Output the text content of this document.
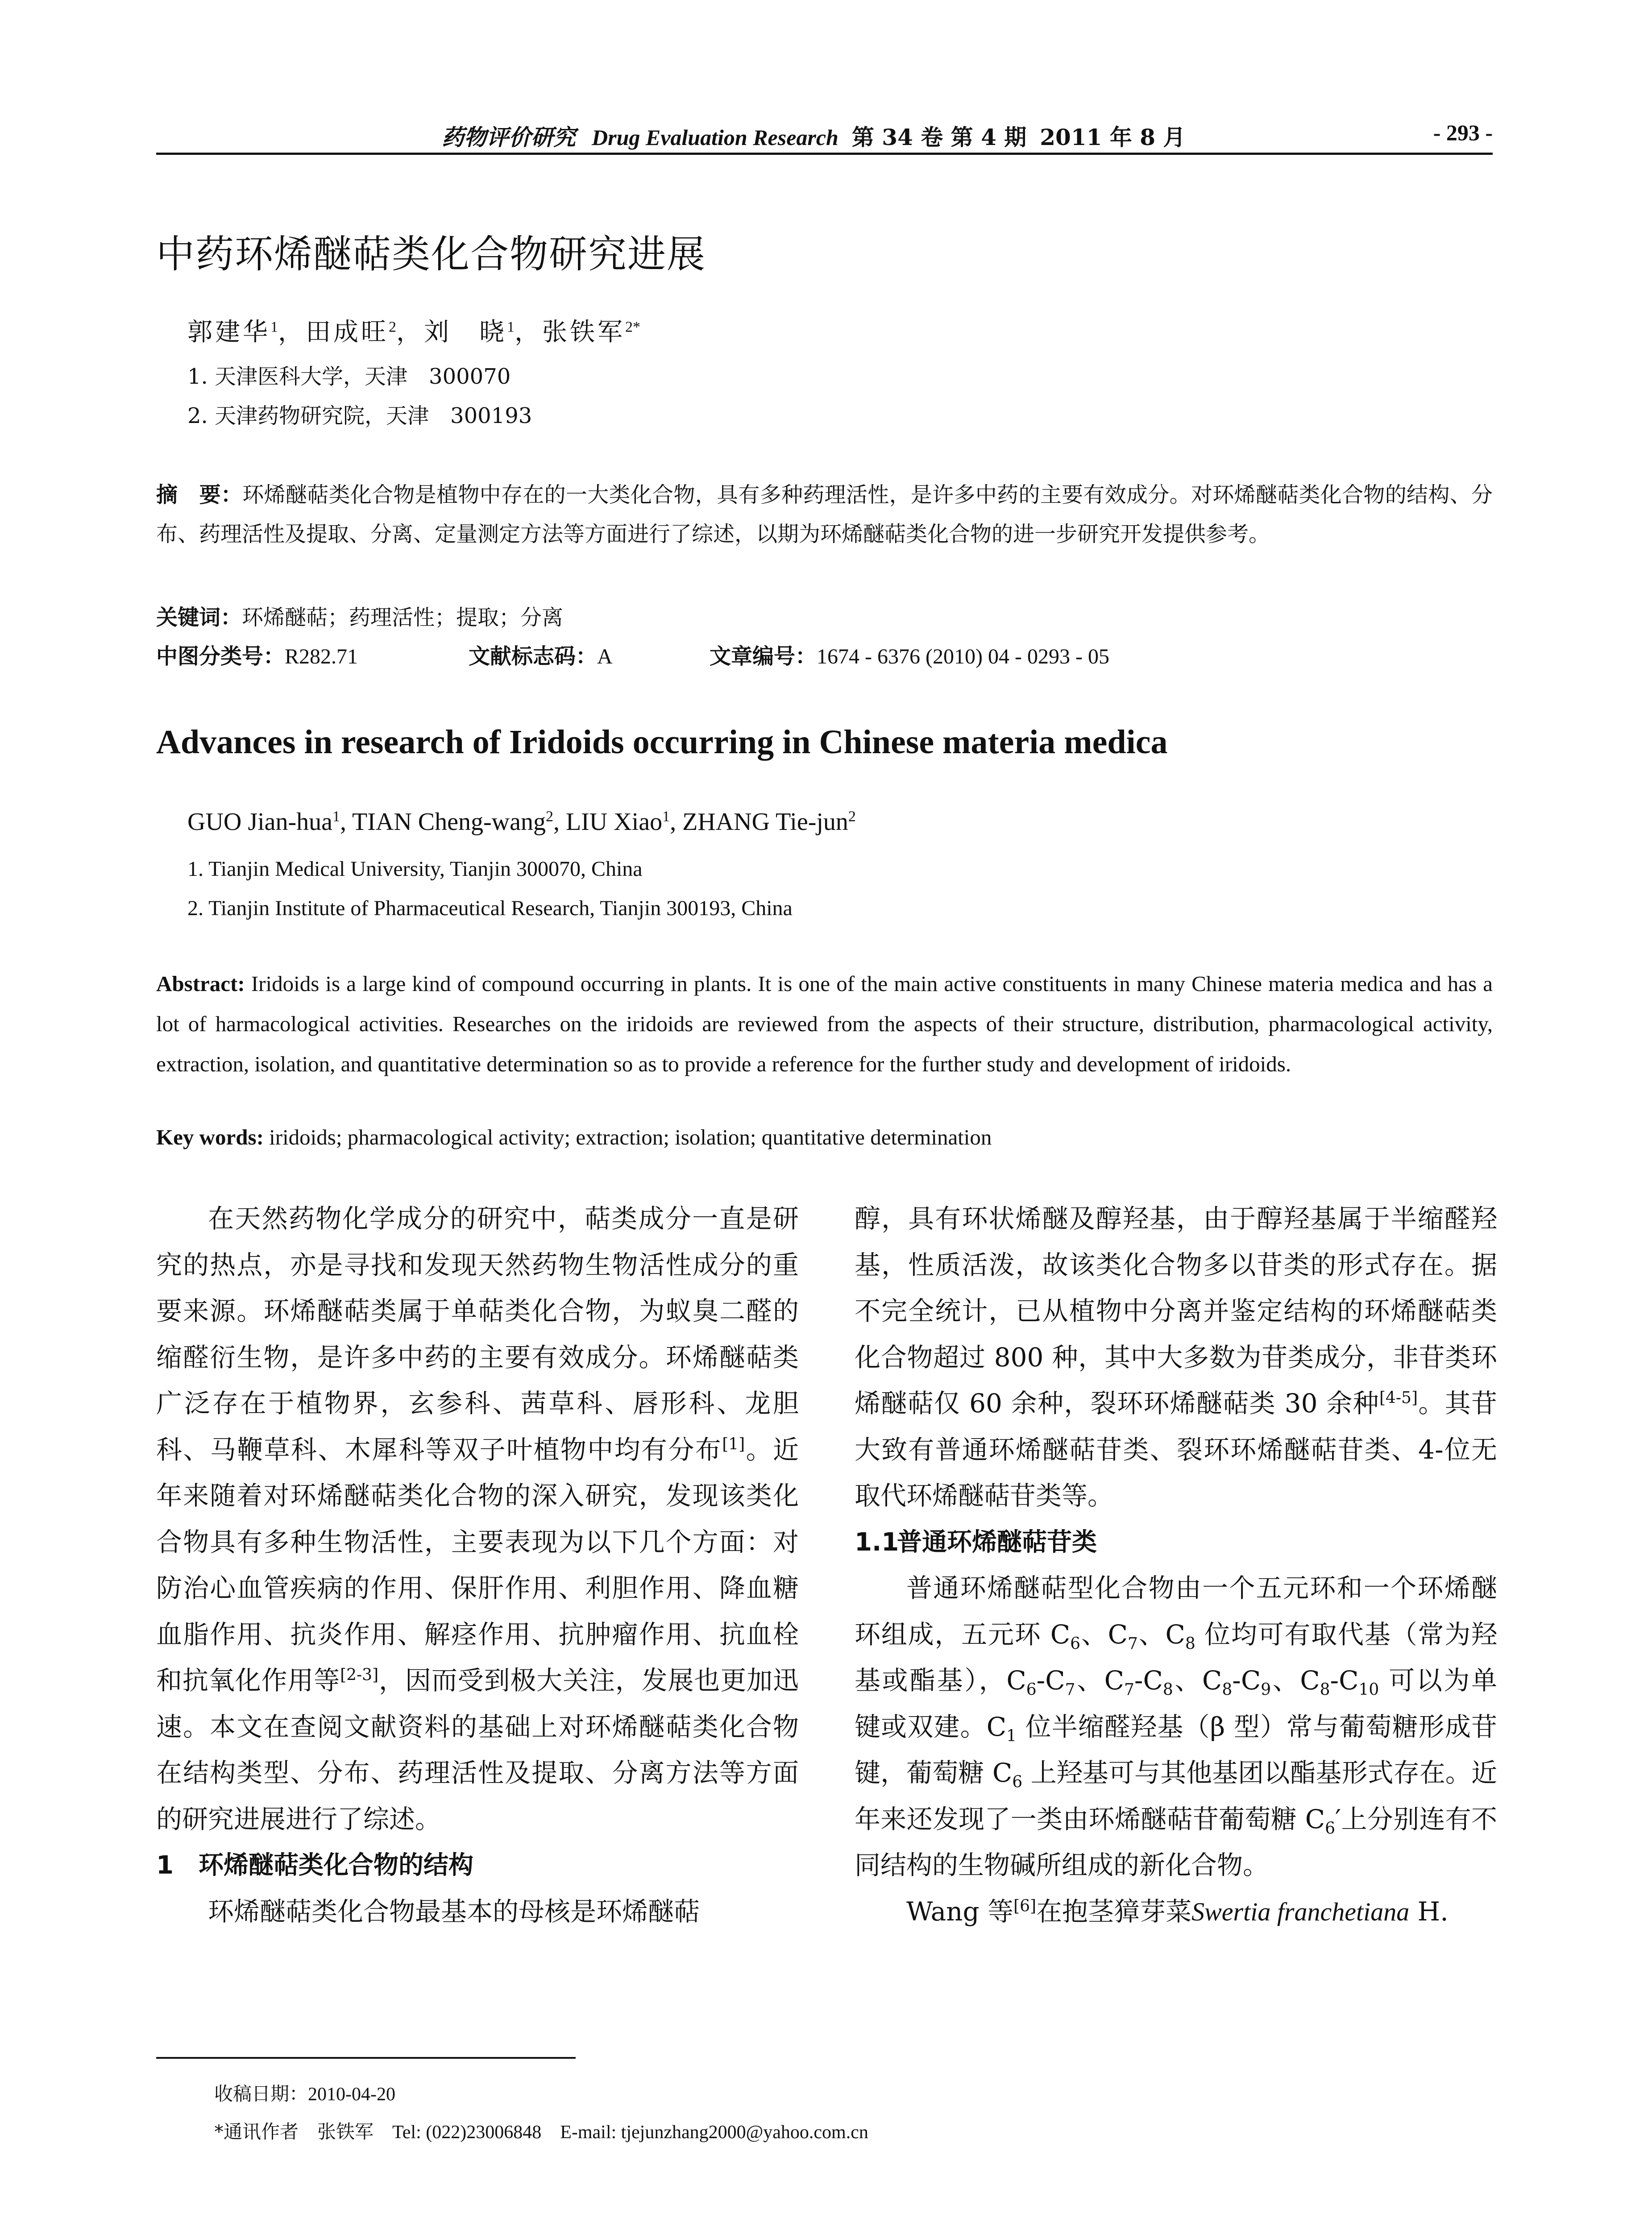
药物评价研究 Drug Evaluation Research 第 34 卷 第 4 期 2011 年 8 月	- 293 -
中药环烯醚萜类化合物研究进展
郭建华$^1$，田成旺$^2$，刘　晓$^1$，张铁军$^{2*}$
1. 天津医科大学，天津　300070
2. 天津药物研究院，天津　300193
摘　要：环烯醚萜类化合物是植物中存在的一大类化合物，具有多种药理活性，是许多中药的主要有效成分。对环烯醚萜类化合物的结构、分布、药理活性及提取、分离、定量测定方法等方面进行了综述，以期为环烯醚萜类化合物的进一步研究开发提供参考。
关键词：环烯醚萜；药理活性；提取；分离
中图分类号：R282.71	文献标志码：A	文章编号：1674 - 6376 (2010) 04 - 0293 - 05
Advances in research of Iridoids occurring in Chinese materia medica
GUO Jian-hua$^1$, TIAN Cheng-wang$^2$, LIU Xiao$^1$, ZHANG Tie-jun$^2$
1. Tianjin Medical University, Tianjin 300070, China
2. Tianjin Institute of Pharmaceutical Research, Tianjin 300193, China
Abstract: Iridoids is a large kind of compound occurring in plants. It is one of the main active constituents in many Chinese materia medica and has a lot of harmacological activities. Researches on the iridoids are reviewed from the aspects of their structure, distribution, pharmacological activity, extraction, isolation, and quantitative determination so as to provide a reference for the further study and development of iridoids.
Key words: iridoids; pharmacological activity; extraction; isolation; quantitative determination

在天然药物化学成分的研究中，萜类成分一直是研究的热点，亦是寻找和发现天然药物生物活性成分的重要来源。环烯醚萜类属于单萜类化合物，为蚁臭二醛的缩醛衍生物，是许多中药的主要有效成分。环烯醚萜类广泛存在于植物界，玄参科、茜草科、唇形科、龙胆科、马鞭草科、木犀科等双子叶植物中均有分布[1]。近年来随着对环烯醚萜类化合物的深入研究，发现该类化合物具有多种生物活性，主要表现为以下几个方面：对防治心血管疾病的作用、保肝作用、利胆作用、降血糖血脂作用、抗炎作用、解痉作用、抗肿瘤作用、抗血栓和抗氧化作用等[2-3]，因而受到极大关注，发展也更加迅速。本文在查阅文献资料的基础上对环烯醚萜类化合物在结构类型、分布、药理活性及提取、分离方法等方面的研究进展进行了综述。

1 环烯醚萜类化合物的结构

环烯醚萜类化合物最基本的母核是环烯醚萜

醇，具有环状烯醚及醇羟基，由于醇羟基属于半缩醛羟基，性质活泼，故该类化合物多以苷类的形式存在。据不完全统计，已从植物中分离并鉴定结构的环烯醚萜类化合物超过 800 种，其中大多数为苷类成分，非苷类环烯醚萜仅 60 余种，裂环环烯醚萜类 30 余种[4-5]。其苷大致有普通环烯醚萜苷类、裂环环烯醚萜苷类、4-位无取代环烯醚萜苷类等。

1.1普通环烯醚萜苷类

普通环烯醚萜型化合物由一个五元环和一个环烯醚环组成，五元环 $C_6$、$C_7$、$C_8$ 位均可有取代基（常为羟基或酯基），$C_6-C_7$、$C_7-C_8$、$C_8-C_9$、$C_8-C_{10}$ 可以为单键或双建。$C_1$ 位半缩醛羟基（β 型）常与葡萄糖形成苷键，葡萄糖 $C_6$ 上羟基可与其他基团以酯基形式存在。近年来还发现了一类由环烯醚萜苷葡萄糖 $C_6'$上分别连有不同结构的生物碱所组成的新化合物。

Wang 等[6]在抱茎獐芽菜Swertia franchetiana H.

收稿日期：2010-04-20
*通讯作者　 张铁军　Tel: (022)23006848　E-mail: tjejunzhang2000@yahoo.com.cn
